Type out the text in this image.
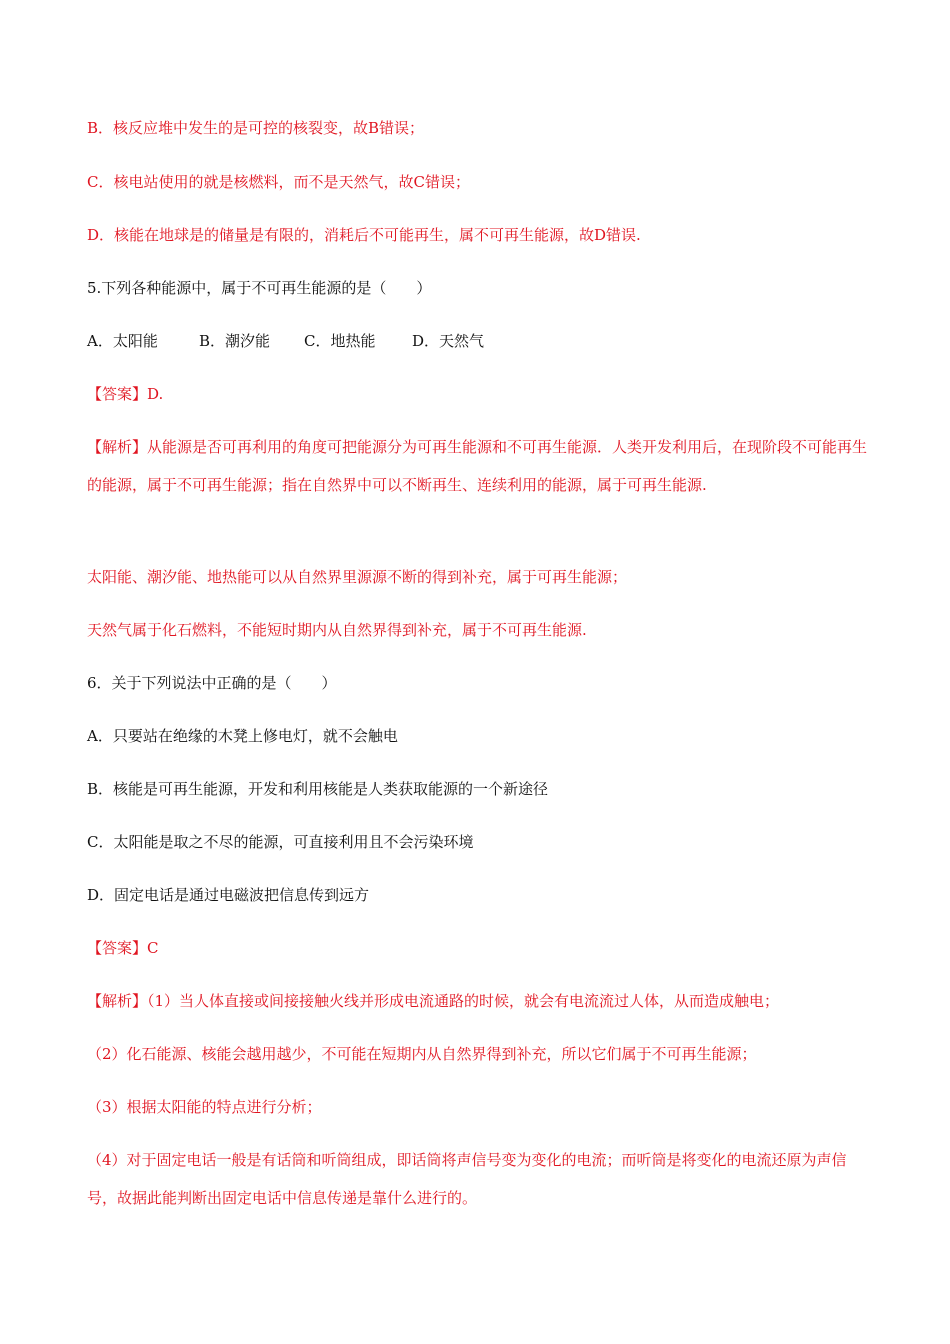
B．核反应堆中发生的是可控的核裂变，故B错误；
C．核电站使用的就是核燃料，而不是天然气，故C错误；
D．核能在地球是的储量是有限的，消耗后不可能再生，属不可再生能源，故D错误.
5.下列各种能源中，属于不可再生能源的是（　　）
A．太阳能	B．潮汐能 C．地热能 D．天然气
【答案】D.
【解析】从能源是否可再利用的角度可把能源分为可再生能源和不可再生能源．人类开发利用后，在现阶段不可能再生的能源，属于不可再生能源；指在自然界中可以不断再生、连续利用的能源，属于可再生能源.
太阳能、潮汐能、地热能可以从自然界里源源不断的得到补充，属于可再生能源；
天然气属于化石燃料，不能短时期内从自然界得到补充，属于不可再生能源.
6．关于下列说法中正确的是（　　）
A．只要站在绝缘的木凳上修电灯，就不会触电
B．核能是可再生能源，开发和利用核能是人类获取能源的一个新途径
C．太阳能是取之不尽的能源，可直接利用且不会污染环境
D．固定电话是通过电磁波把信息传到远方
【答案】C
【解析】（1）当人体直接或间接接触火线并形成电流通路的时候，就会有电流流过人体，从而造成触电；
（2）化石能源、核能会越用越少，不可能在短期内从自然界得到补充，所以它们属于不可再生能源；
（3）根据太阳能的特点进行分析；
（4）对于固定电话一般是有话筒和听筒组成，即话筒将声信号变为变化的电流；而听筒是将变化的电流还原为声信号，故据此能判断出固定电话中信息传递是靠什么进行的。
